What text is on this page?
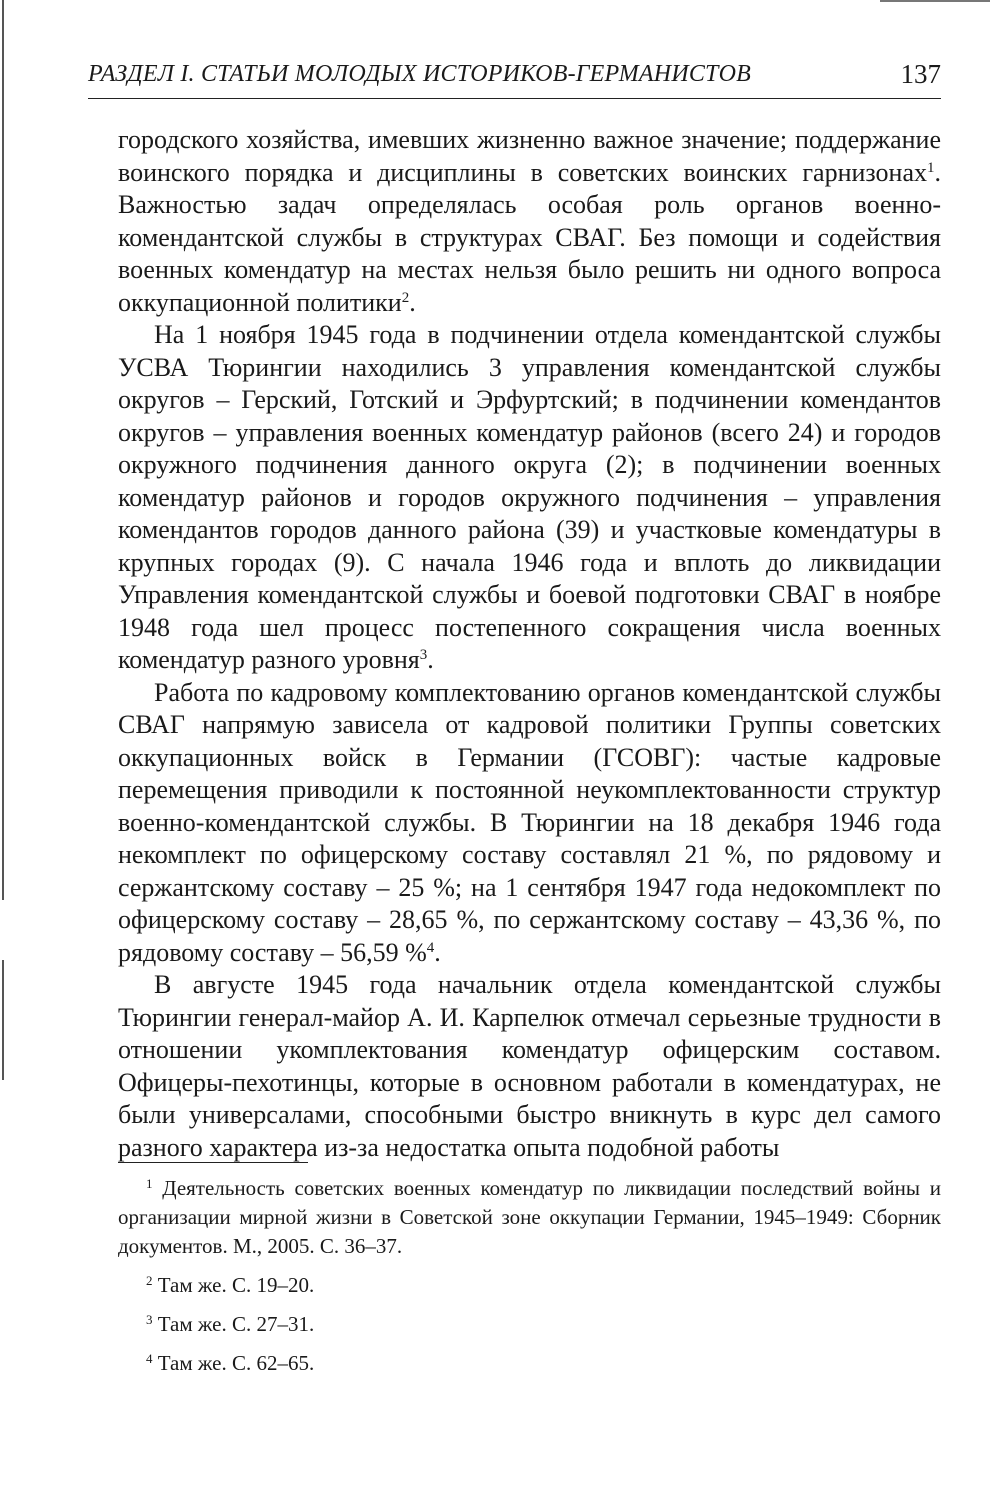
РАЗДЕЛ I. СТАТЬИ МОЛОДЫХ ИСТОРИКОВ-ГЕРМАНИСТОВ	137

городского хозяйства, имевших жизненно важное значение; поддержание воинского порядка и дисциплины в советских воинских гарнизонах$^1$. Важностью задач определялась особая роль органов военно-комендантской службы в структурах СВАГ. Без помощи и содействия военных комендатур на местах нельзя было решить ни одного вопроса оккупационной политики$^2$.

На 1 ноября 1945 года в подчинении отдела комендантской службы УСВА Тюрингии находились 3 управления комендантской службы округов – Герский, Готский и Эрфуртский; в подчинении комендантов округов – управления военных комендатур районов (всего 24) и городов окружного подчинения данного округа (2); в подчинении военных комендатур районов и городов окружного подчинения – управления комендантов городов данного района (39) и участковые комендатуры в крупных городах (9). С начала 1946 года и вплоть до ликвидации Управления комендантской службы и боевой подготовки СВАГ в ноябре 1948 года шел процесс постепенного сокращения числа военных комендатур разного уровня$^3$.

Работа по кадровому комплектованию органов комендантской службы СВАГ напрямую зависела от кадровой политики Группы советских оккупационных войск в Германии (ГСОВГ): частые кадровые перемещения приводили к постоянной неукомплектованности структур военно-комендантской службы. В Тюрингии на 18 декабря 1946 года некомплект по офицерскому составу составлял 21 %, по рядовому и сержантскому составу – 25 %; на 1 сентября 1947 года недокомплект по офицерскому составу – 28,65 %, по сержантскому составу – 43,36 %, по рядовому составу – 56,59 %$^4$.

В августе 1945 года начальник отдела комендантской службы Тюрингии генерал-майор А. И. Карпелюк отмечал серьезные трудности в отношении укомплектования комендатур офицерским составом. Офицеры-пехотинцы, которые в основном работали в комендатурах, не были универсалами, способными быстро вникнуть в курс дел самого разного характера из-за недостатка опыта подобной работы

$^1$ Деятельность советских военных комендатур по ликвидации последствий войны и организации мирной жизни в Советской зоне оккупации Германии, 1945–1949: Сборник документов. М., 2005. С. 36–37.

$^2$ Там же. С. 19–20.

$^3$ Там же. С. 27–31.

$^4$ Там же. С. 62–65.
